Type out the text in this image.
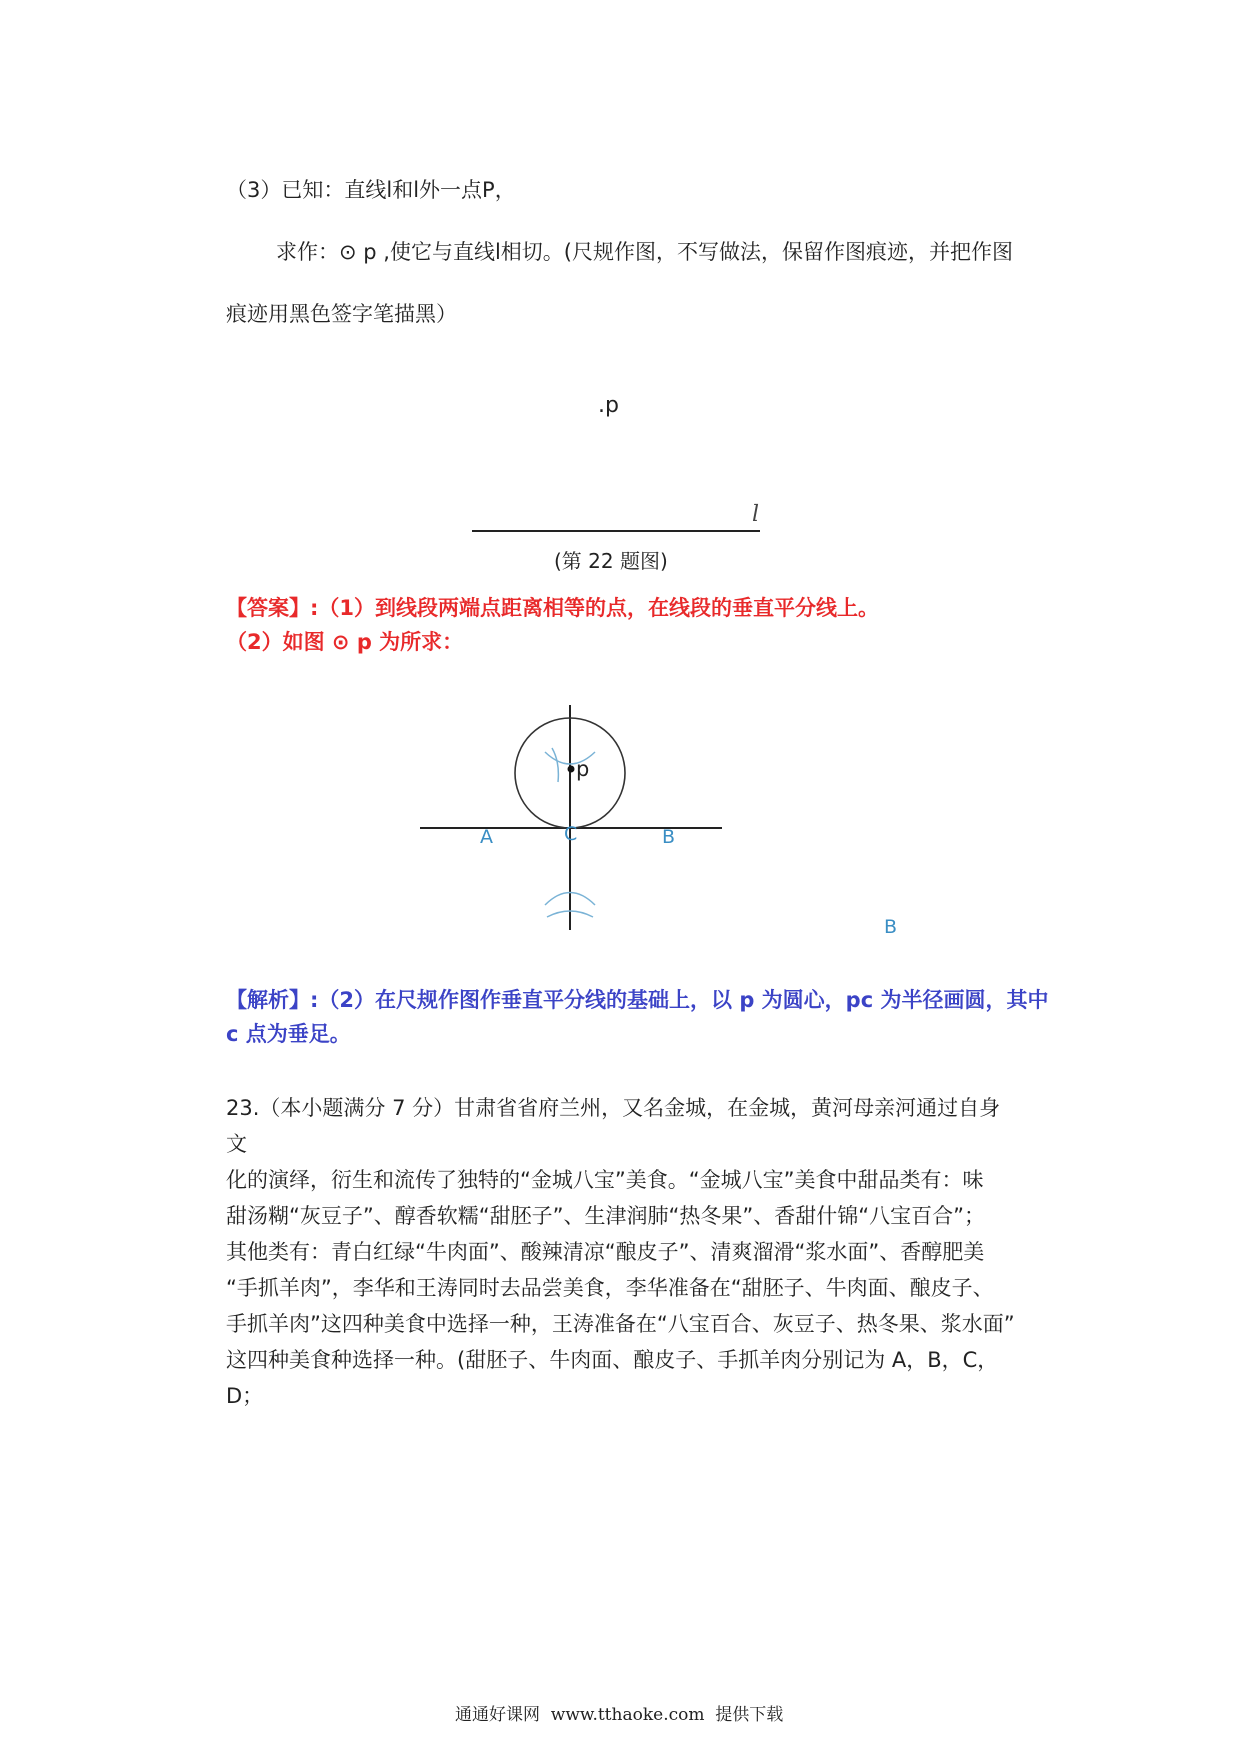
（3）已知：直线l和l外一点P，
求作：⊙ p ,使它与直线l相切。(尺规作图，不写做法，保留作图痕迹，并把作图
痕迹用黑色签字笔描黑）
.p
l
(第 22 题图)
【答案】:（1）到线段两端点距离相等的点，在线段的垂直平分线上。
（2）如图 ⊙ p 为所求：
p
A	C	B
B
【解析】:（2）在尺规作图作垂直平分线的基础上，以 p 为圆心，pc 为半径画圆，其中
c 点为垂足。
23.（本小题满分 7 分）甘肃省省府兰州，又名金城，在金城，黄河母亲河通过自身文
化的演绎，衍生和流传了独特的“金城八宝”美食。“金城八宝”美食中甜品类有：味
甜汤糊“灰豆子”、醇香软糯“甜胚子”、生津润肺“热冬果”、香甜什锦“八宝百合”；
其他类有：青白红绿“牛肉面”、酸辣清凉“酿皮子”、清爽溜滑“浆水面”、香醇肥美
“手抓羊肉”，李华和王涛同时去品尝美食，李华准备在“甜胚子、牛肉面、酿皮子、
手抓羊肉”这四种美食中选择一种，王涛准备在“八宝百合、灰豆子、热冬果、浆水面”
这四种美食种选择一种。(甜胚子、牛肉面、酿皮子、手抓羊肉分别记为 A，B，C，D；
通通好课网  www.tthaoke.com  提供下载
